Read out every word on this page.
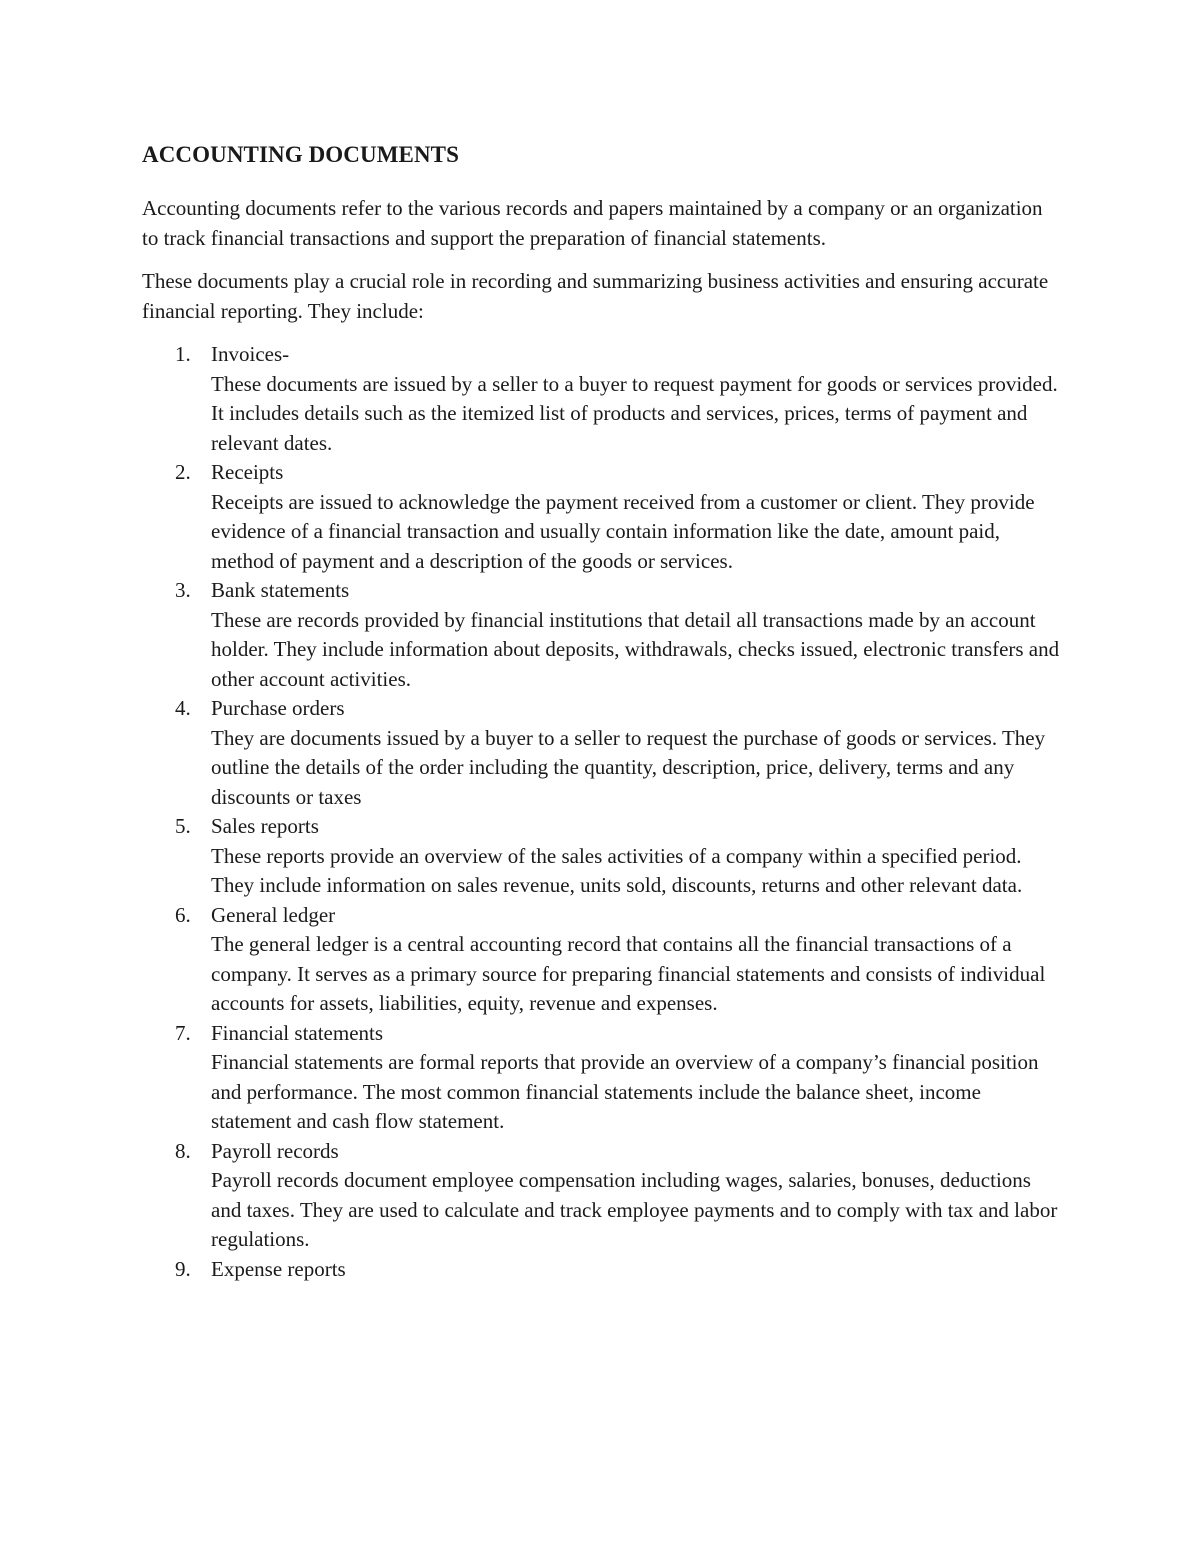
ACCOUNTING DOCUMENTS

Accounting documents refer to the various records and papers maintained by a company or an organization to track financial transactions and support the preparation of financial statements.

These documents play a crucial role in recording and summarizing business activities and ensuring accurate financial reporting. They include:

1. Invoices-
These documents are issued by a seller to a buyer to request payment for goods or services provided. It includes details such as the itemized list of products and services, prices, terms of payment and relevant dates.
2. Receipts
Receipts are issued to acknowledge the payment received from a customer or client. They provide evidence of a financial transaction and usually contain information like the date, amount paid, method of payment and a description of the goods or services.
3. Bank statements
These are records provided by financial institutions that detail all transactions made by an account holder. They include information about deposits, withdrawals, checks issued, electronic transfers and other account activities.
4. Purchase orders
They are documents issued by a buyer to a seller to request the purchase of goods or services. They outline the details of the order including the quantity, description, price, delivery, terms and any discounts or taxes
5. Sales reports
These reports provide an overview of the sales activities of a company within a specified period. They include information on sales revenue, units sold, discounts, returns and other relevant data.
6. General ledger
The general ledger is a central accounting record that contains all the financial transactions of a company. It serves as a primary source for preparing financial statements and consists of individual accounts for assets, liabilities, equity, revenue and expenses.
7. Financial statements
Financial statements are formal reports that provide an overview of a company’s financial position and performance. The most common financial statements include the balance sheet, income statement and cash flow statement.
8. Payroll records
Payroll records document employee compensation including wages, salaries, bonuses, deductions and taxes. They are used to calculate and track employee payments and to comply with tax and labor regulations.
9. Expense reports
